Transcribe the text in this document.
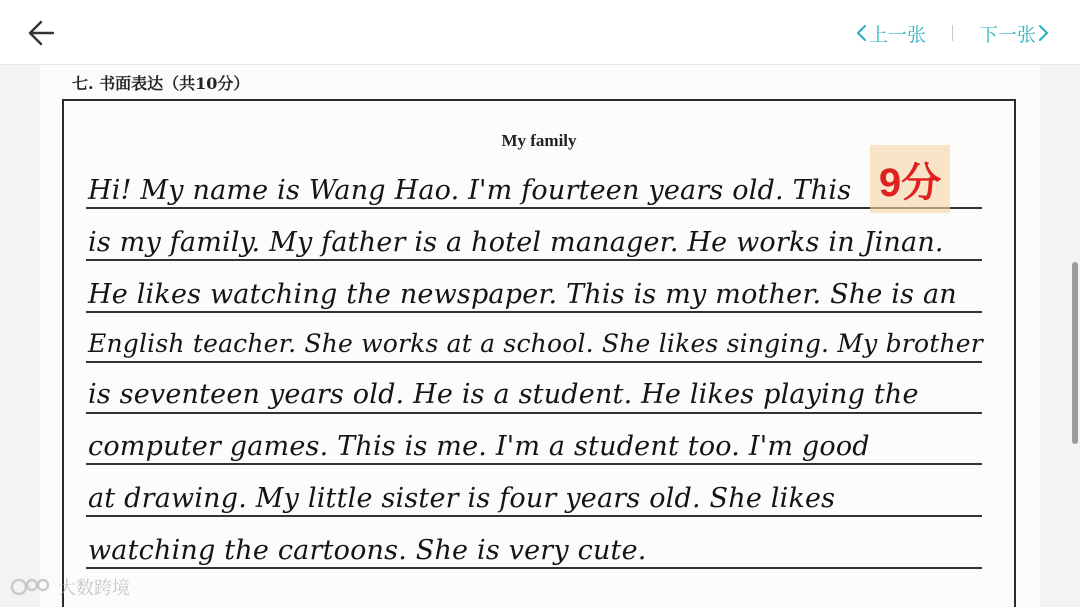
上一张	下一张
七. 书面表达（共10分）
My family
Hi! My name is Wang Hao. I'm fourteen years old. This
is my family. My father is a hotel manager. He works in Jinan.
He likes watching the newspaper. This is my mother. She is an
English teacher. She works at a school. She likes singing. My brother
is seventeen years old. He is a student. He likes playing the
computer games. This is me. I'm a student too. I'm good
at drawing. My little sister is four years old. She likes
watching the cartoons. She is very cute.
9分
大数跨境
